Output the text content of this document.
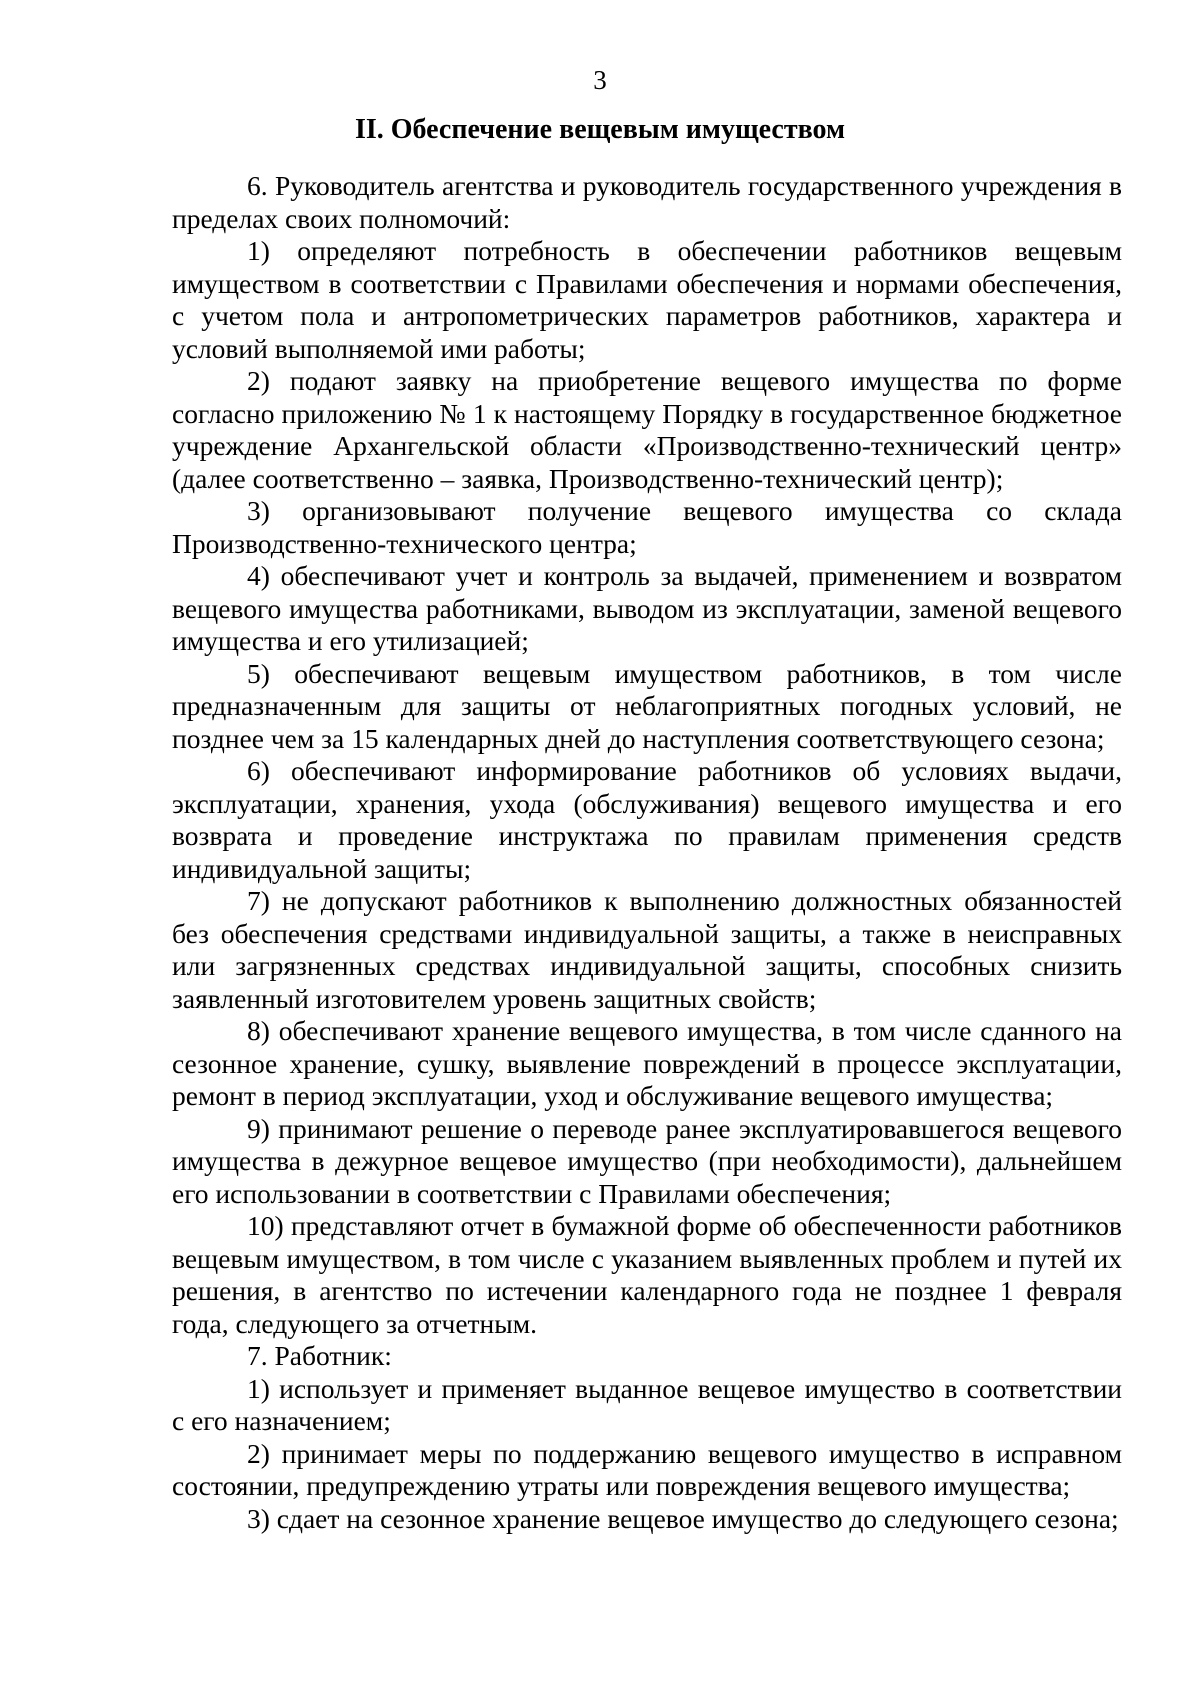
3
II. Обеспечение вещевым имуществом

6. Руководитель агентства и руководитель государственного учреждения в пределах своих полномочий:

1) определяют потребность в обеспечении работников вещевым имуществом в соответствии с Правилами обеспечения и нормами обеспечения, с учетом пола и антропометрических параметров работников, характера и условий выполняемой ими работы;

2) подают заявку на приобретение вещевого имущества по форме согласно приложению № 1 к настоящему Порядку в государственное бюджетное учреждение Архангельской области «Производственно-технический центр» (далее соответственно – заявка, Производственно-технический центр);

3) организовывают получение вещевого имущества со склада Производственно-технического центра;

4) обеспечивают учет и контроль за выдачей, применением и возвратом вещевого имущества работниками, выводом из эксплуатации, заменой вещевого имущества и его утилизацией;

5) обеспечивают вещевым имуществом работников, в том числе предназначенным для защиты от неблагоприятных погодных условий, не позднее чем за 15 календарных дней до наступления соответствующего сезона;

6) обеспечивают информирование работников об условиях выдачи, эксплуатации, хранения, ухода (обслуживания) вещевого имущества и его возврата и проведение инструктажа по правилам применения средств индивидуальной защиты;

7) не допускают работников к выполнению должностных обязанностей без обеспечения средствами индивидуальной защиты, а также в неисправных или загрязненных средствах индивидуальной защиты, способных снизить заявленный изготовителем уровень защитных свойств;

8) обеспечивают хранение вещевого имущества, в том числе сданного на сезонное хранение, сушку, выявление повреждений в процессе эксплуатации, ремонт в период эксплуатации, уход и обслуживание вещевого имущества;

9) принимают решение о переводе ранее эксплуатировавшегося вещевого имущества в дежурное вещевое имущество (при необходимости), дальнейшем его использовании в соответствии с Правилами обеспечения;

10) представляют отчет в бумажной форме об обеспеченности работников вещевым имуществом, в том числе с указанием выявленных проблем и путей их решения, в агентство по истечении календарного года не позднее 1 февраля года, следующего за отчетным.

7. Работник:

1) использует и применяет выданное вещевое имущество в соответствии с его назначением;

2) принимает меры по поддержанию вещевого имущество в исправном состоянии, предупреждению утраты или повреждения вещевого имущества;

3) сдает на сезонное хранение вещевое имущество до следующего сезона;
